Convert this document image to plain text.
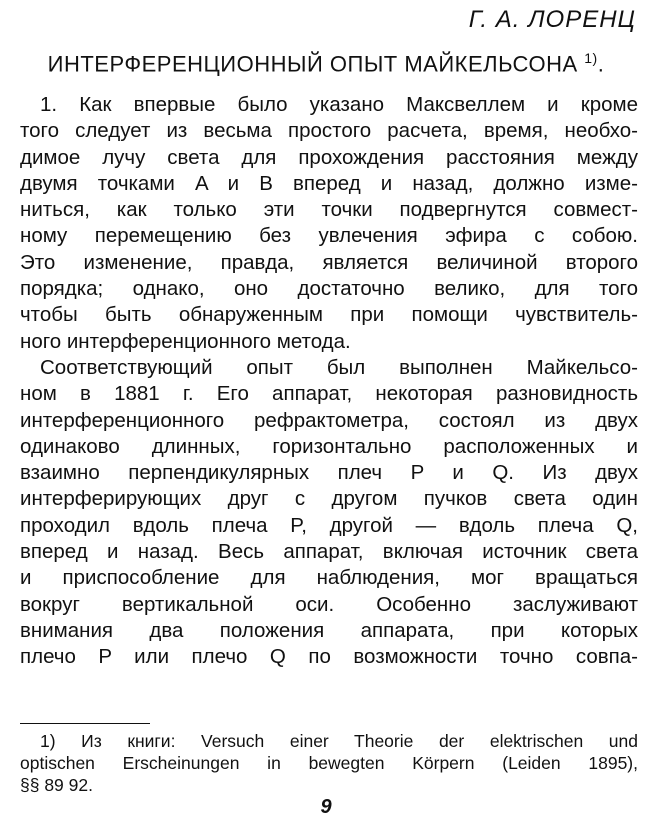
Г. А. ЛОРЕНЦ
ИНТЕРФЕРЕНЦИОННЫЙ ОПЫТ МАЙКЕЛЬСОНА $^{1)}$.
1. Как впервые было указано Максвеллем и кроме
того следует из весьма простого расчета, время, необхо-
димое лучу света для прохождения расстояния между
двумя точками A и B вперед и назад, должно изме-
ниться, как только эти точки подвергнутся совмест-
ному перемещению без увлечения эфира с собою.
Это изменение, правда, является величиной второго
порядка; однако, оно достаточно велико, для того
чтобы быть обнаруженным при помощи чувствитель-
ного интерференционного метода.
Соответствующий опыт был выполнен Майкельсо-
ном в 1881 г. Его аппарат, некоторая разновидность
интерференционного рефрактометра, состоял из двух
одинаково длинных, горизонтально расположенных и
взаимно перпендикулярных плеч P и Q. Из двух
интерферирующих друг с другом пучков света один
проходил вдоль плеча P, другой — вдоль плеча Q,
вперед и назад. Весь аппарат, включая источник света
и приспособление для наблюдения, мог вращаться
вокруг вертикальной оси. Особенно заслуживают
внимания два положения аппарата, при которых
плечо P или плечо Q по возможности точно совпа-
1) Из книги: Versuch einer Theorie der elektrischen und
optischen Erscheinungen in bewegten Körpern (Leiden 1895),
§§ 89 92.
9
